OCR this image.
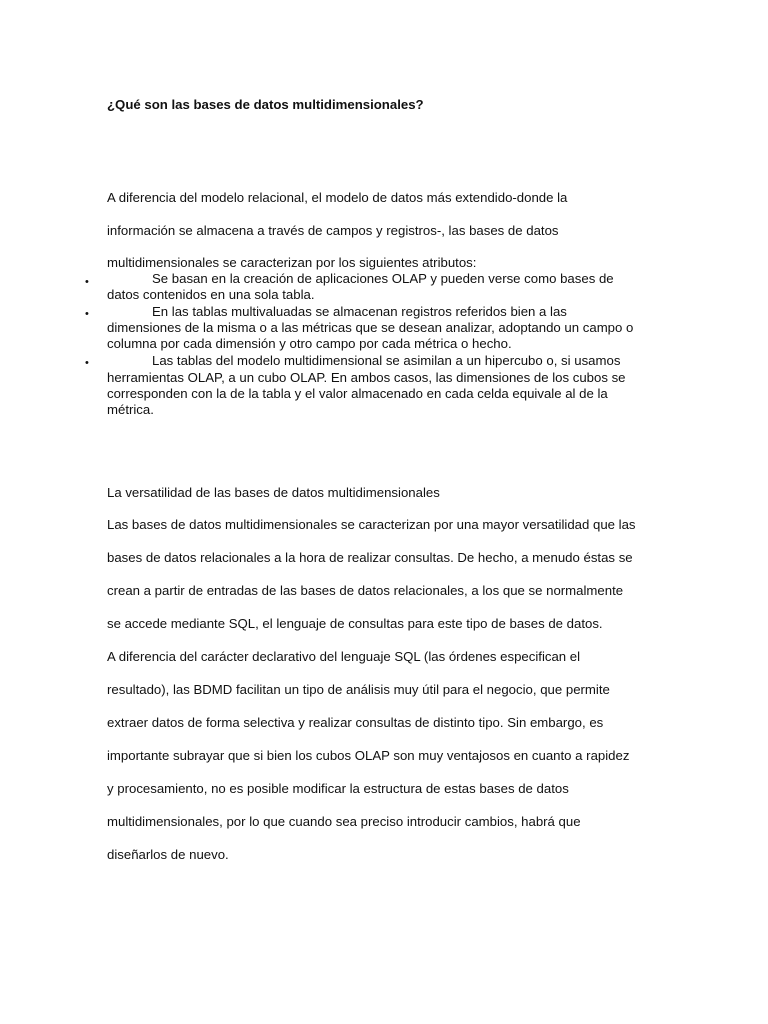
¿Qué son las bases de datos multidimensionales?
A diferencia del modelo relacional, el modelo de datos más extendido-donde la
información se almacena a través de campos y registros-, las bases de datos
multidimensionales se caracterizan por los siguientes atributos:
•	Se basan en la creación de aplicaciones OLAP y pueden verse como bases de
datos contenidos en una sola tabla.
•	En las tablas multivaluadas se almacenan registros referidos bien a las
dimensiones de la misma o a las métricas que se desean analizar, adoptando un campo o
columna por cada dimensión y otro campo por cada métrica o hecho.
•	Las tablas del modelo multidimensional se asimilan a un hipercubo o, si usamos
herramientas OLAP, a un cubo OLAP. En ambos casos, las dimensiones de los cubos se
corresponden con la de la tabla y el valor almacenado en cada celda equivale al de la
métrica.
La versatilidad de las bases de datos multidimensionales
Las bases de datos multidimensionales se caracterizan por una mayor versatilidad que las
bases de datos relacionales a la hora de realizar consultas. De hecho, a menudo éstas se
crean a partir de entradas de las bases de datos relacionales, a los que se normalmente
se accede mediante SQL, el lenguaje de consultas para este tipo de bases de datos.
A diferencia del carácter declarativo del lenguaje SQL (las órdenes especifican el
resultado), las BDMD facilitan un tipo de análisis muy útil para el negocio, que permite
extraer datos de forma selectiva y realizar consultas de distinto tipo. Sin embargo, es
importante subrayar que si bien los cubos OLAP son muy ventajosos en cuanto a rapidez
y procesamiento, no es posible modificar la estructura de estas bases de datos
multidimensionales, por lo que cuando sea preciso introducir cambios, habrá que
diseñarlos de nuevo.
